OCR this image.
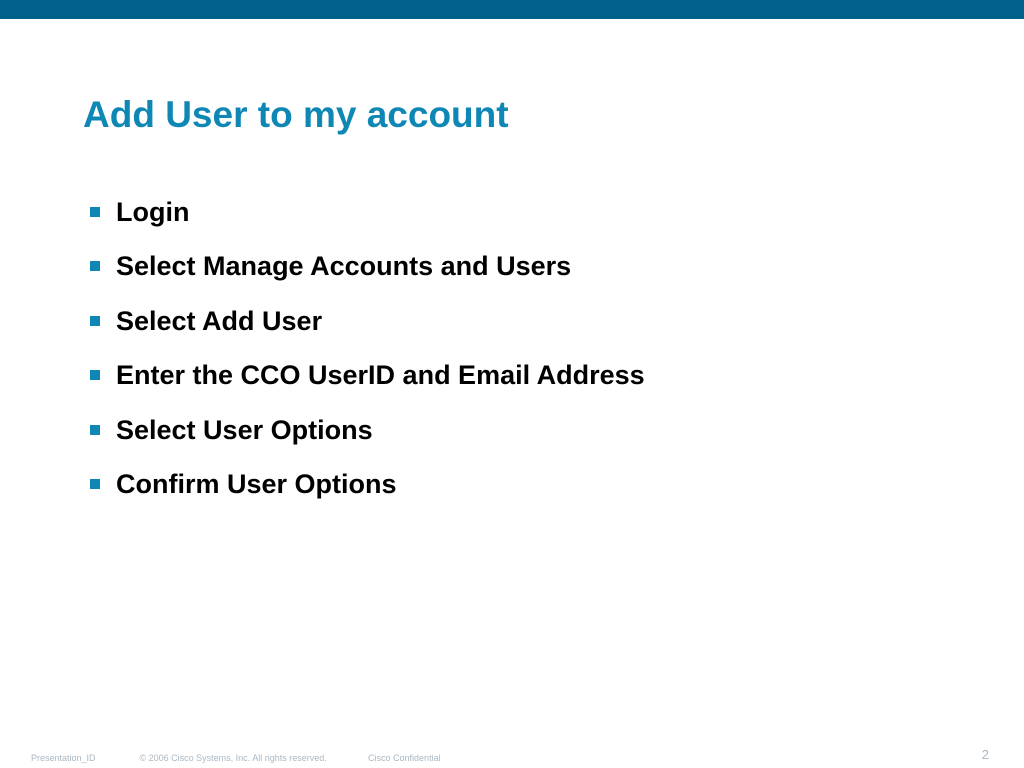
Add User to my account
Login
Select Manage Accounts and Users
Select Add User
Enter the CCO UserID and Email Address
Select User Options
Confirm User Options
Presentation_ID	© 2006 Cisco Systems, Inc. All rights reserved.	Cisco Confidential	2
